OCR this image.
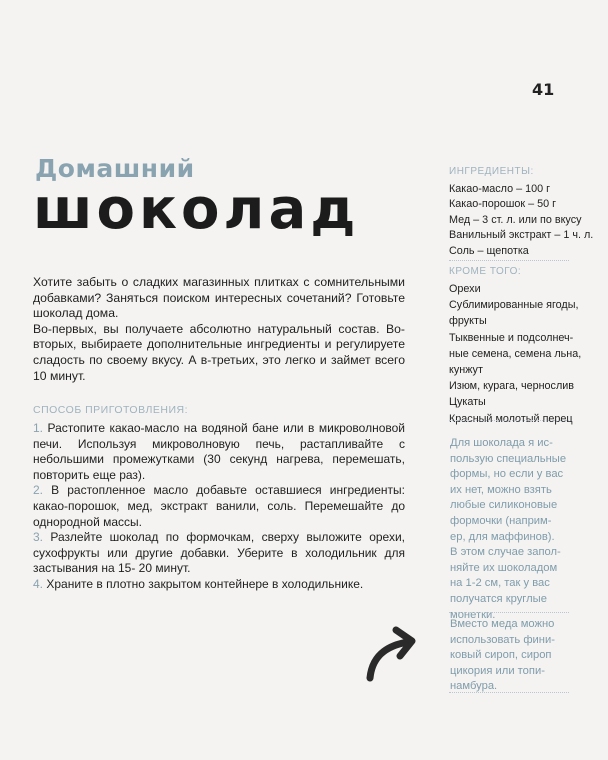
41
Домашний
шоколад

Хотите забыть о сладких магазинных плитках с сомнительными добавками? Заняться поиском интересных сочетаний? Готовьте шоколад дома.

Во-первых, вы получаете абсолютно натуральный состав. Во-вторых, выбираете дополнительные ингредиенты и регулируете сладость по своему вкусу. А в-третьих, это легко и займет всего 10 минут.

СПОСОБ ПРИГОТОВЛЕНИЯ:

1. Растопите какао-масло на водяной бане или в микроволновой печи. Используя микроволновую печь, растапливайте с небольшими промежутками (30 секунд нагрева, перемешать, повторить еще раз).

2. В растопленное масло добавьте оставшиеся ингредиенты: какао-порошок, мед, экстракт ванили, соль. Перемешайте до однородной массы.

3. Разлейте шоколад по формочкам, сверху выложите орехи, сухофрукты или другие добавки. Уберите в холодильник для застывания на 15- 20 минут.

4. Храните в плотно закрытом контейнере в холодильнике.

ИНГРЕДИЕНТЫ:
Какао-масло – 100 г
Какао-порошок – 50 г
Мед – 3 ст. л. или по вкусу
Ванильный экстракт – 1 ч. л.
Соль – щепотка
КРОМЕ ТОГО:
Орехи
Сублимированные ягоды,
фрукты
Тыквенные и подсолнеч-
ные семена, семена льна,
кунжут
Изюм, курага, чернослив
Цукаты
Красный молотый перец
Для шоколада я ис-
пользую специальные
формы, но если у вас
их нет, можно взять
любые силиконовые
формочки (наприм-
ер, для маффинов).
В этом случае запол-
няйте их шоколадом
на 1-2 см, так у вас
получатся круглые
монетки.
Вместо меда можно
использовать фини-
ковый сироп, сироп
цикория или топи-
намбура.
